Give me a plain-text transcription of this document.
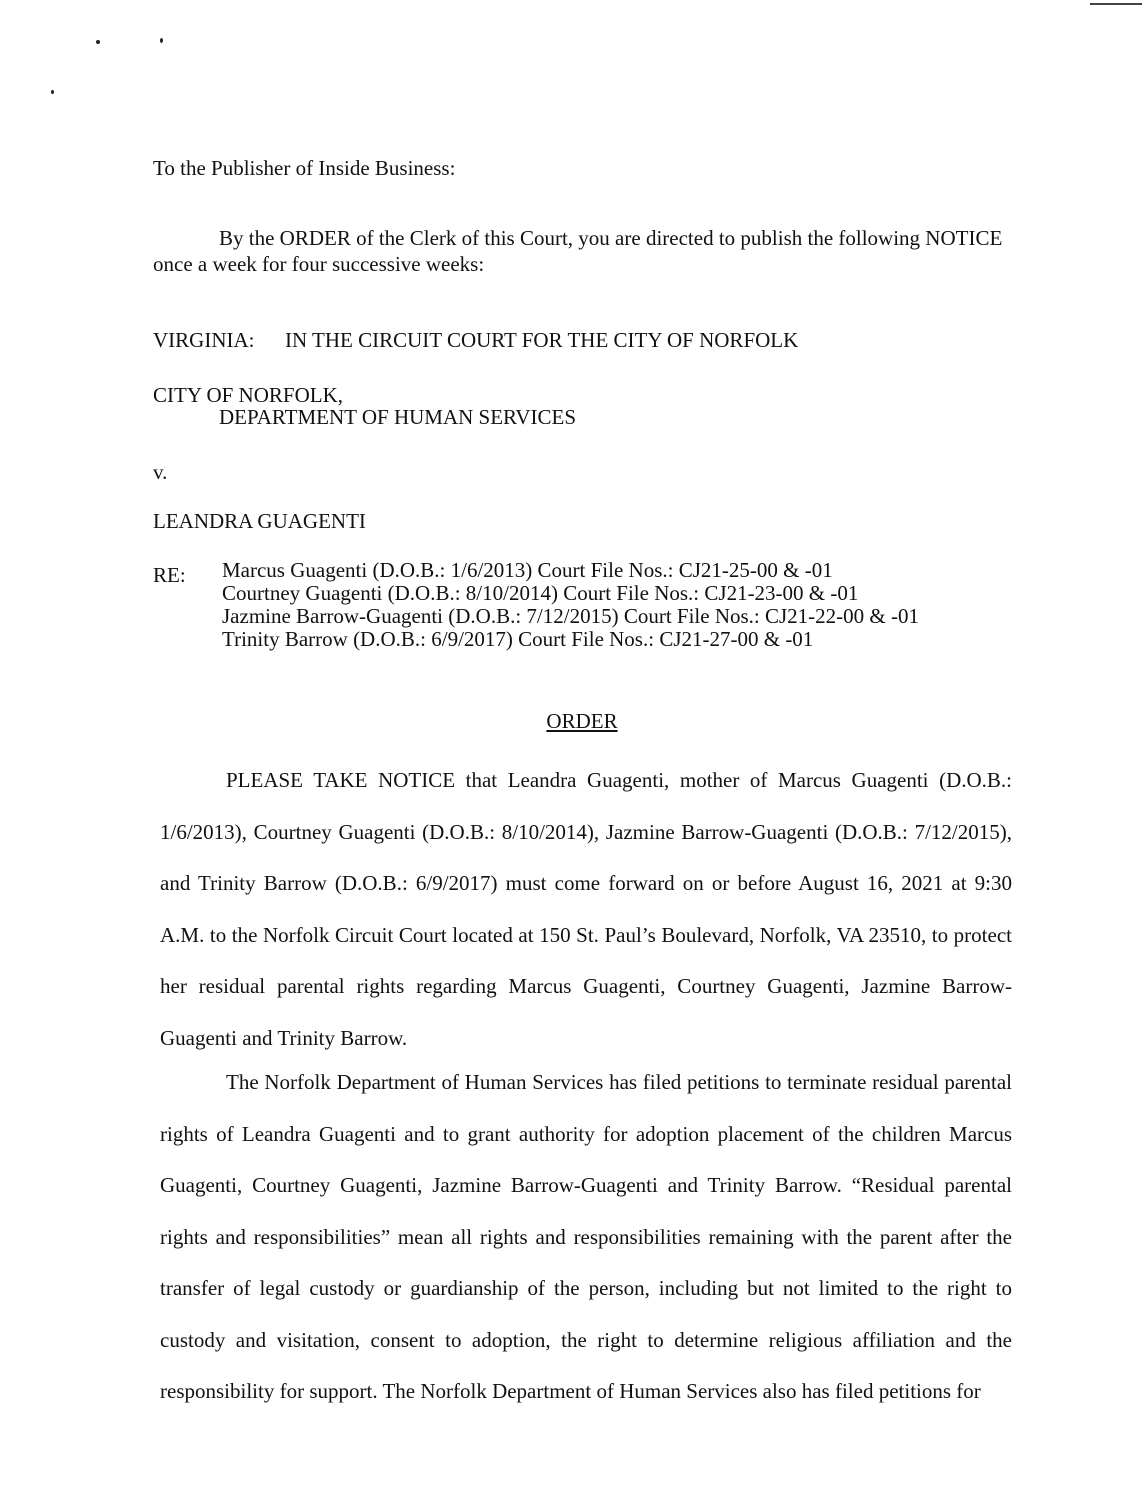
To the Publisher of Inside Business:
By the ORDER of the Clerk of this Court, you are directed to publish the following NOTICE
once a week for four successive weeks:
VIRGINIA: IN THE CIRCUIT COURT FOR THE CITY OF NORFOLK
CITY OF NORFOLK,
DEPARTMENT OF HUMAN SERVICES
v.
LEANDRA GUAGENTI
RE: Marcus Guagenti (D.O.B.: 1/6/2013) Court File Nos.: CJ21-25-00 & -01
Courtney Guagenti (D.O.B.: 8/10/2014) Court File Nos.: CJ21-23-00 & -01
Jazmine Barrow-Guagenti (D.O.B.: 7/12/2015) Court File Nos.: CJ21-22-00 & -01
Trinity Barrow (D.O.B.: 6/9/2017) Court File Nos.: CJ21-27-00 & -01
ORDER

PLEASE TAKE NOTICE that Leandra Guagenti, mother of Marcus Guagenti (D.O.B.: 1/6/2013), Courtney Guagenti (D.O.B.: 8/10/2014), Jazmine Barrow-Guagenti (D.O.B.: 7/12/2015), and Trinity Barrow (D.O.B.: 6/9/2017) must come forward on or before August 16, 2021 at 9:30 A.M. to the Norfolk Circuit Court located at 150 St. Paul’s Boulevard, Norfolk, VA 23510, to protect her residual parental rights regarding Marcus Guagenti, Courtney Guagenti, Jazmine Barrow-Guagenti and Trinity Barrow.

The Norfolk Department of Human Services has filed petitions to terminate residual parental rights of Leandra Guagenti and to grant authority for adoption placement of the children Marcus Guagenti, Courtney Guagenti, Jazmine Barrow-Guagenti and Trinity Barrow. “Residual parental rights and responsibilities” mean all rights and responsibilities remaining with the parent after the transfer of legal custody or guardianship of the person, including but not limited to the right to custody and visitation, consent to adoption, the right to determine religious affiliation and the responsibility for support. The Norfolk Department of Human Services also has filed petitions for
